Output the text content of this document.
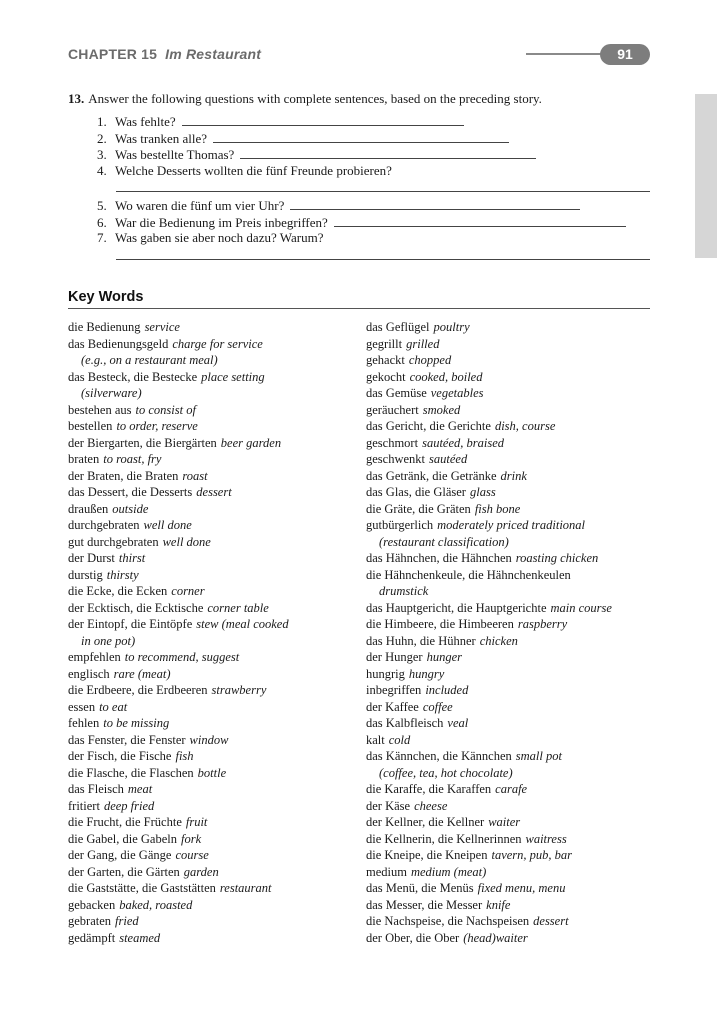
CHAPTER 15 Im Restaurant	91
13. Answer the following questions with complete sentences, based on the preceding story.
1. Was fehlte?
2. Was tranken alle?
3. Was bestellte Thomas?
4. Welche Desserts wollten die fünf Freunde probieren?
5. Wo waren die fünf um vier Uhr?
6. War die Bedienung im Preis inbegriffen?
7. Was gaben sie aber noch dazu? Warum?
Key Words
die Bedienung service
das Bedienungsgeld charge for service
(e.g., on a restaurant meal)
das Besteck, die Bestecke place setting
(silverware)
bestehen aus to consist of
bestellen to order, reserve
der Biergarten, die Biergärten beer garden
braten to roast, fry
der Braten, die Braten roast
das Dessert, die Desserts dessert
draußen outside
durchgebraten well done
gut durchgebraten well done
der Durst thirst
durstig thirsty
die Ecke, die Ecken corner
der Ecktisch, die Ecktische corner table
der Eintopf, die Eintöpfe stew (meal cooked
in one pot)
empfehlen to recommend, suggest
englisch rare (meat)
die Erdbeere, die Erdbeeren strawberry
essen to eat
fehlen to be missing
das Fenster, die Fenster window
der Fisch, die Fische fish
die Flasche, die Flaschen bottle
das Fleisch meat
fritiert deep fried
die Frucht, die Früchte fruit
die Gabel, die Gabeln fork
der Gang, die Gänge course
der Garten, die Gärten garden
die Gaststätte, die Gaststätten restaurant
gebacken baked, roasted
gebraten fried
gedämpft steamed
das Geflügel poultry
gegrillt grilled
gehackt chopped
gekocht cooked, boiled
das Gemüse vegetables
geräuchert smoked
das Gericht, die Gerichte dish, course
geschmort sautéed, braised
geschwenkt sautéed
das Getränk, die Getränke drink
das Glas, die Gläser glass
die Gräte, die Gräten fish bone
gutbürgerlich moderately priced traditional
(restaurant classification)
das Hähnchen, die Hähnchen roasting chicken
die Hähnchenkeule, die Hähnchenkeulen
drumstick
das Hauptgericht, die Hauptgerichte main course
die Himbeere, die Himbeeren raspberry
das Huhn, die Hühner chicken
der Hunger hunger
hungrig hungry
inbegriffen included
der Kaffee coffee
das Kalbfleisch veal
kalt cold
das Kännchen, die Kännchen small pot
(coffee, tea, hot chocolate)
die Karaffe, die Karaffen carafe
der Käse cheese
der Kellner, die Kellner waiter
die Kellnerin, die Kellnerinnen waitress
die Kneipe, die Kneipen tavern, pub, bar
medium medium (meat)
das Menü, die Menüs fixed menu, menu
das Messer, die Messer knife
die Nachspeise, die Nachspeisen dessert
der Ober, die Ober (head)waiter
